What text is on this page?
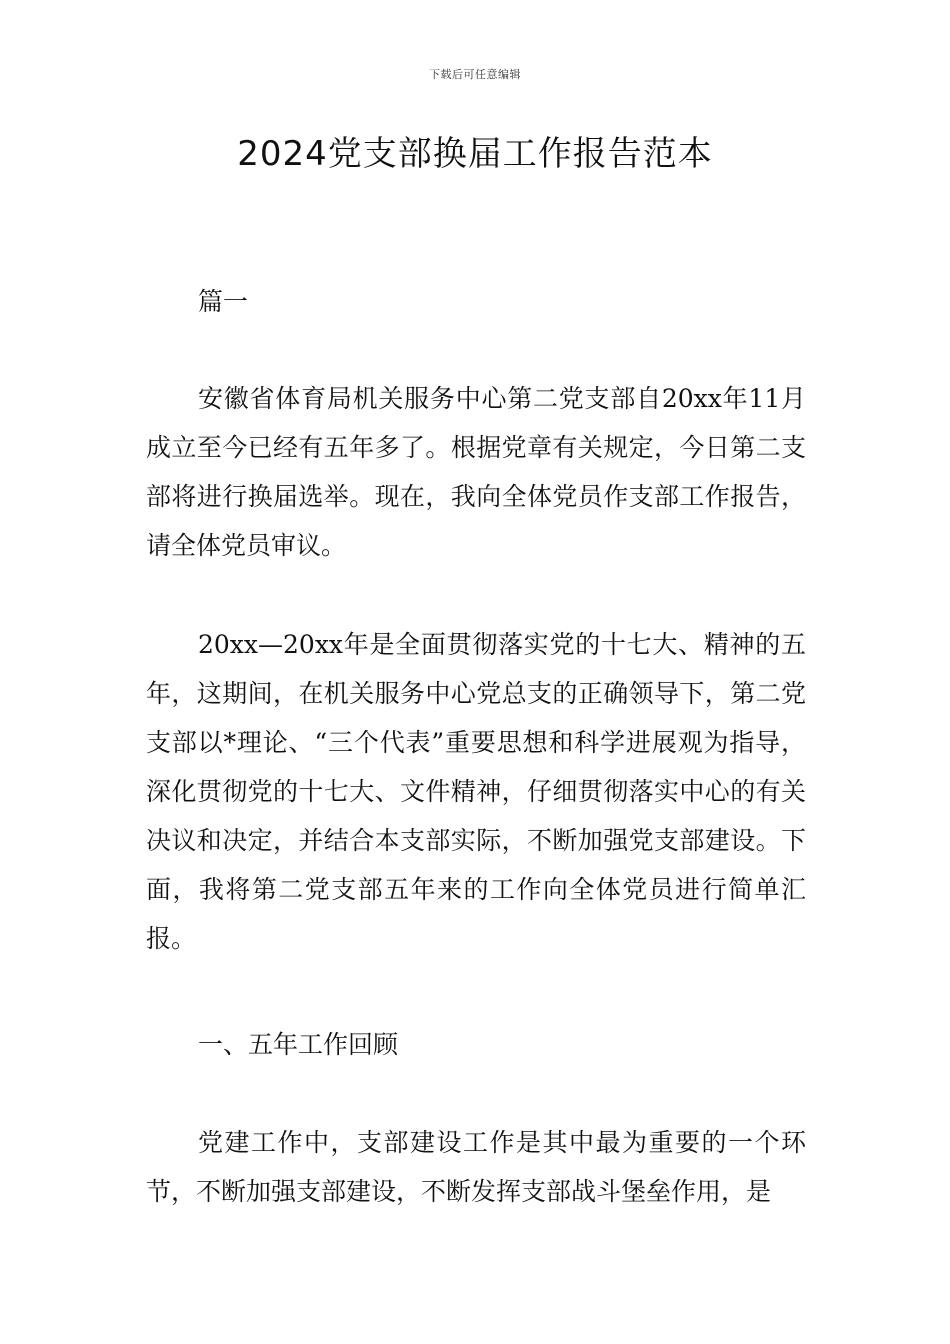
下载后可任意编辑
2024党支部换届工作报告范本

篇一

安徽省体育局机关服务中心第二党支部自20xx年11月成立至今已经有五年多了。根据党章有关规定，今日第二支部将进行换届选举。现在，我向全体党员作支部工作报告，请全体党员审议。

20xx—20xx年是全面贯彻落实党的十七大、精神的五年，这期间，在机关服务中心党总支的正确领导下，第二党支部以*理论、“三个代表”重要思想和科学进展观为指导，深化贯彻党的十七大、文件精神，仔细贯彻落实中心的有关决议和决定，并结合本支部实际，不断加强党支部建设。下面，我将第二党支部五年来的工作向全体党员进行简单汇报。

一、五年工作回顾

党建工作中，支部建设工作是其中最为重要的一个环节，不断加强支部建设，不断发挥支部战斗堡垒作用，是
